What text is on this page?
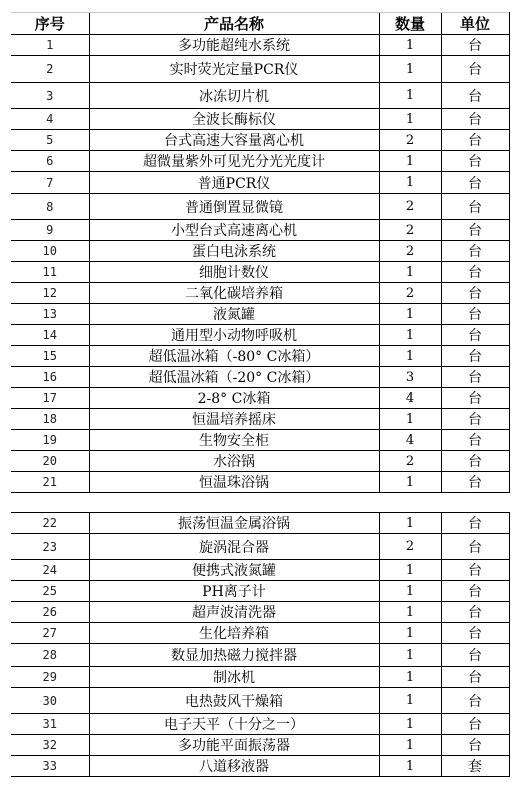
序号	产品名称	数量	单位
1	多功能超纯水系统	1	台
2	实时荧光定量PCR仪	1	台
3	冰冻切片机	1	台
4	全波长酶标仪	1	台
5	台式高速大容量离心机	2	台
6	超微量紫外可见光分光光度计	1	台
7	普通PCR仪	1	台
8	普通倒置显微镜	2	台
9	小型台式高速离心机	2	台
10	蛋白电泳系统	2	台
11	细胞计数仪	1	台
12	二氧化碳培养箱	2	台
13	液氮罐	1	台
14	通用型小动物呼吸机	1	台
15	超低温冰箱（-80° C冰箱）	1	台
16	超低温冰箱（-20° C冰箱）	3	台
17	2-8° C冰箱	4	台
18	恒温培养摇床	1	台
19	生物安全柜	4	台
20	水浴锅	2	台
21	恒温珠浴锅	1	台
22	振荡恒温金属浴锅	1	台
23	旋涡混合器	2	台
24	便携式液氮罐	1	台
25	PH离子计	1	台
26	超声波清洗器	1	台
27	生化培养箱	1	台
28	数显加热磁力搅拌器	1	台
29	制冰机	1	台
30	电热鼓风干燥箱	1	台
31	电子天平（十分之一）	1	台
32	多功能平面振荡器	1	台
33	八道移液器	1	套
